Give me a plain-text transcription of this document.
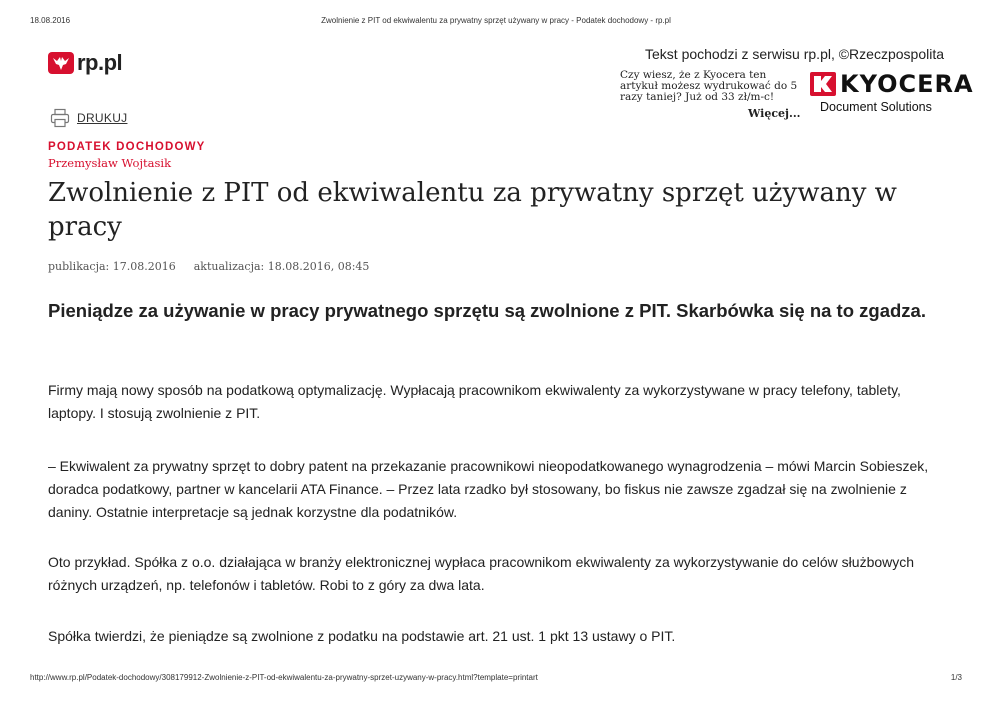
18.08.2016	Zwolnienie z PIT od ekwiwalentu za prywatny sprzęt używany w pracy - Podatek dochodowy - rp.pl
rp.pl	Tekst pochodzi z serwisu rp.pl, ©Rzeczpospolita
Czy wiesz, że z Kyocera ten artykuł możesz wydrukować do 5 razy taniej? Już od 33 zł/m-c!
Więcej...
KYOCERA
Document Solutions
DRUKUJ
PODATEK DOCHODOWY
Przemysław Wojtasik
Zwolnienie z PIT od ekwiwalentu za prywatny sprzęt używany w pracy
publikacja: 17.08.2016 aktualizacja: 18.08.2016, 08:45

Pieniądze za używanie w pracy prywatnego sprzętu są zwolnione z PIT. Skarbówka się na to zgadza.

Firmy mają nowy sposób na podatkową optymalizację. Wypłacają pracownikom ekwiwalenty za wykorzystywane w pracy telefony, tablety, laptopy. I stosują zwolnienie z PIT.

– Ekwiwalent za prywatny sprzęt to dobry patent na przekazanie pracownikowi nieopodatkowanego wynagrodzenia – mówi Marcin Sobieszek, doradca podatkowy, partner w kancelarii ATA Finance. – Przez lata rzadko był stosowany, bo fiskus nie zawsze zgadzał się na zwolnienie z daniny. Ostatnie interpretacje są jednak korzystne dla podatników.

Oto przykład. Spółka z o.o. działająca w branży elektronicznej wypłaca pracownikom ekwiwalenty za wykorzystywanie do celów służbowych różnych urządzeń, np. telefonów i tabletów. Robi to z góry za dwa lata.

Spółka twierdzi, że pieniądze są zwolnione z podatku na podstawie art. 21 ust. 1 pkt 13 ustawy o PIT.

http://www.rp.pl/Podatek-dochodowy/308179912-Zwolnienie-z-PIT-od-ekwiwalentu-za-prywatny-sprzet-uzywany-w-pracy.html?template=printart	1/3
